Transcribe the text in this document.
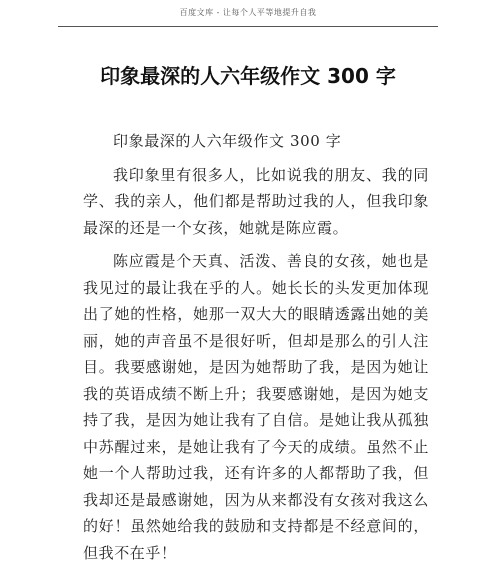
百度文库 - 让每个人平等地提升自我
印象最深的人六年级作文 300 字

印象最深的人六年级作文 300 字

我印象里有很多人，比如说我的朋友、我的同学、我的亲人，他们都是帮助过我的人，但我印象最深的还是一个女孩，她就是陈应霞。

陈应霞是个天真、活泼、善良的女孩，她也是我见过的最让我在乎的人。她长长的头发更加体现出了她的性格，她那一双大大的眼睛透露出她的美丽，她的声音虽不是很好听，但却是那么的引人注目。我要感谢她，是因为她帮助了我，是因为她让我的英语成绩不断上升；我要感谢她，是因为她支持了我，是因为她让我有了自信。是她让我从孤独中苏醒过来，是她让我有了今天的成绩。虽然不止她一个人帮助过我，还有许多的人都帮助了我，但我却还是最感谢她，因为从来都没有女孩对我这么的好！虽然她给我的鼓励和支持都是不经意间的，但我不在乎！
